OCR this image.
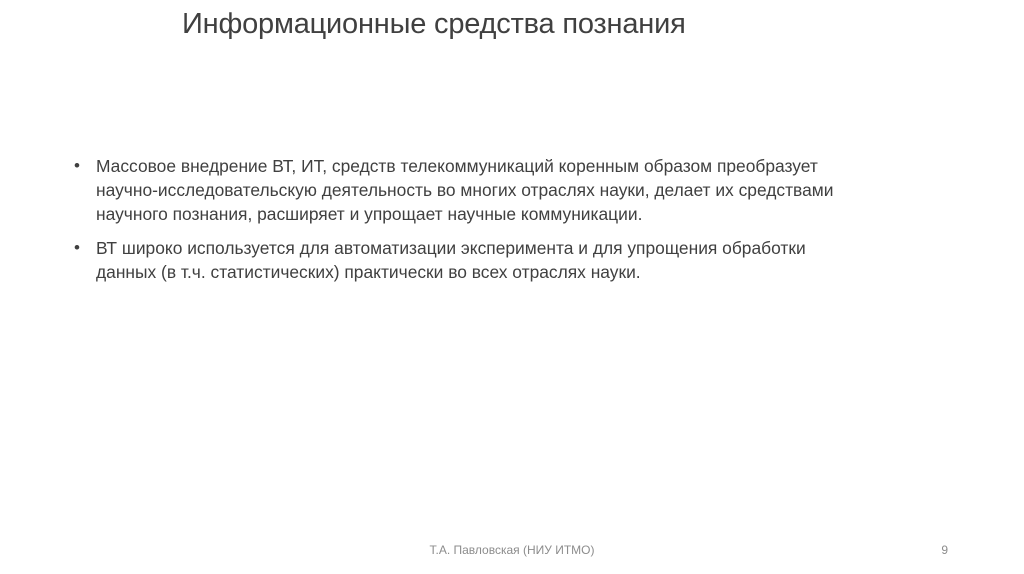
Информационные средства познания
• Массовое внедрение ВТ, ИТ, средств телекоммуникаций коренным образом преобразует
научно-исследовательскую деятельность во многих отраслях науки, делает их средствами
научного познания, расширяет и упрощает научные коммуникации.
• ВТ широко используется для автоматизации эксперимента и для упрощения обработки
данных (в т.ч. статистических) практически во всех отраслях науки.
Т.А. Павловская (НИУ ИТМО)	9
